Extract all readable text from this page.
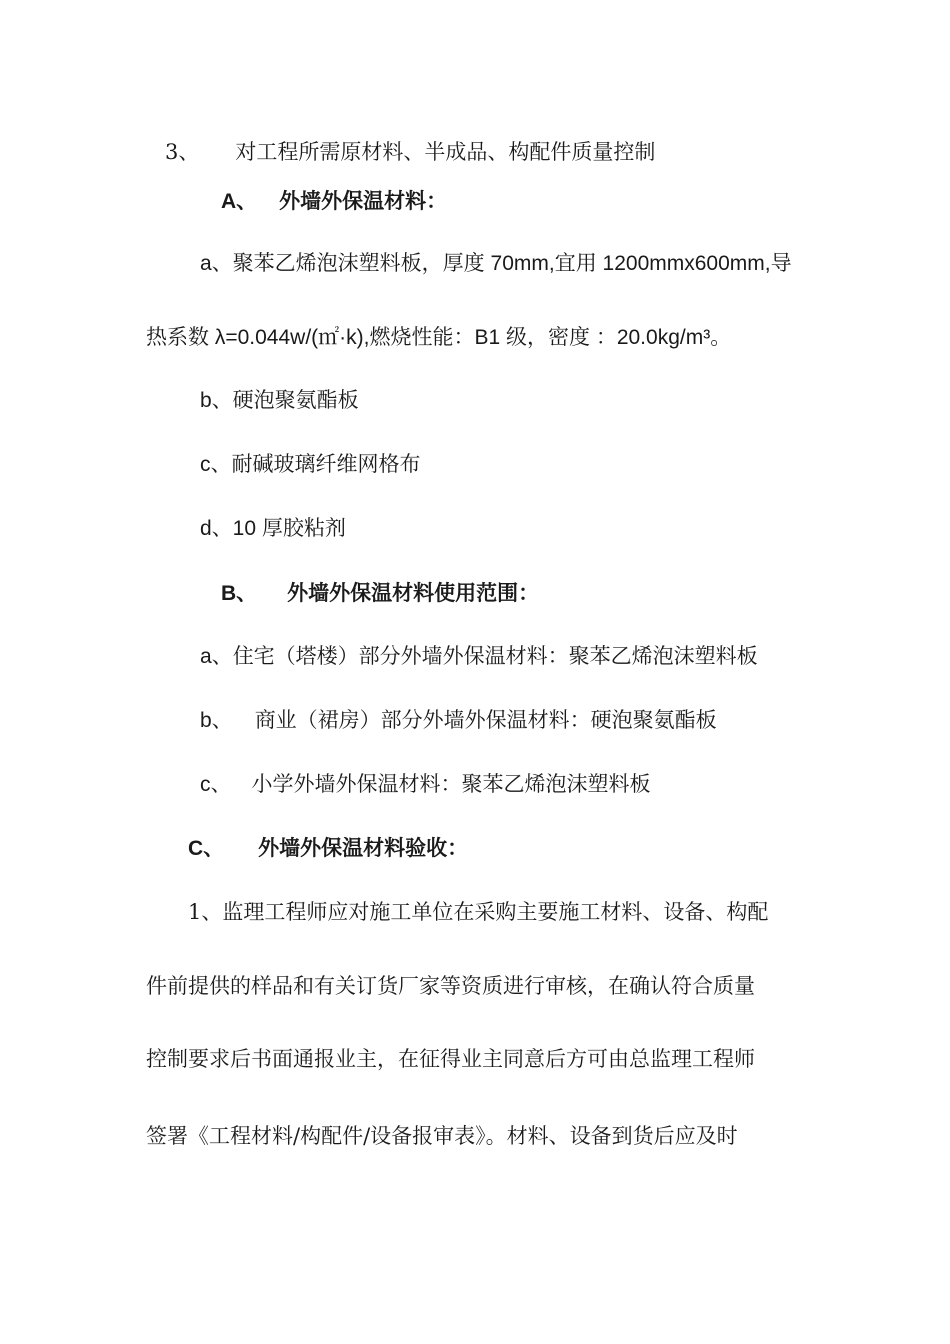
3、 对工程所需原材料、半成品、构配件质量控制
A、 外墙外保温材料：
a、聚苯乙烯泡沫塑料板，厚度 70mm,宜用 1200mmx600mm,导
热系数 λ=0.044w/(㎡·k),燃烧性能：B1 级，密度 ：20.0kg/m³。
b、硬泡聚氨酯板
c、耐碱玻璃纤维网格布
d、10 厚胶粘剂
B、 外墙外保温材料使用范围：
a、住宅（塔楼）部分外墙外保温材料：聚苯乙烯泡沫塑料板
b、 商业（裙房）部分外墙外保温材料：硬泡聚氨酯板
c、 小学外墙外保温材料：聚苯乙烯泡沫塑料板
C、 外墙外保温材料验收：
1、监理工程师应对施工单位在采购主要施工材料、设备、构配
件前提供的样品和有关订货厂家等资质进行审核，在确认符合质量
控制要求后书面通报业主，在征得业主同意后方可由总监理工程师
签署《工程材料/构配件/设备报审表》。材料、设备到货后应及时
